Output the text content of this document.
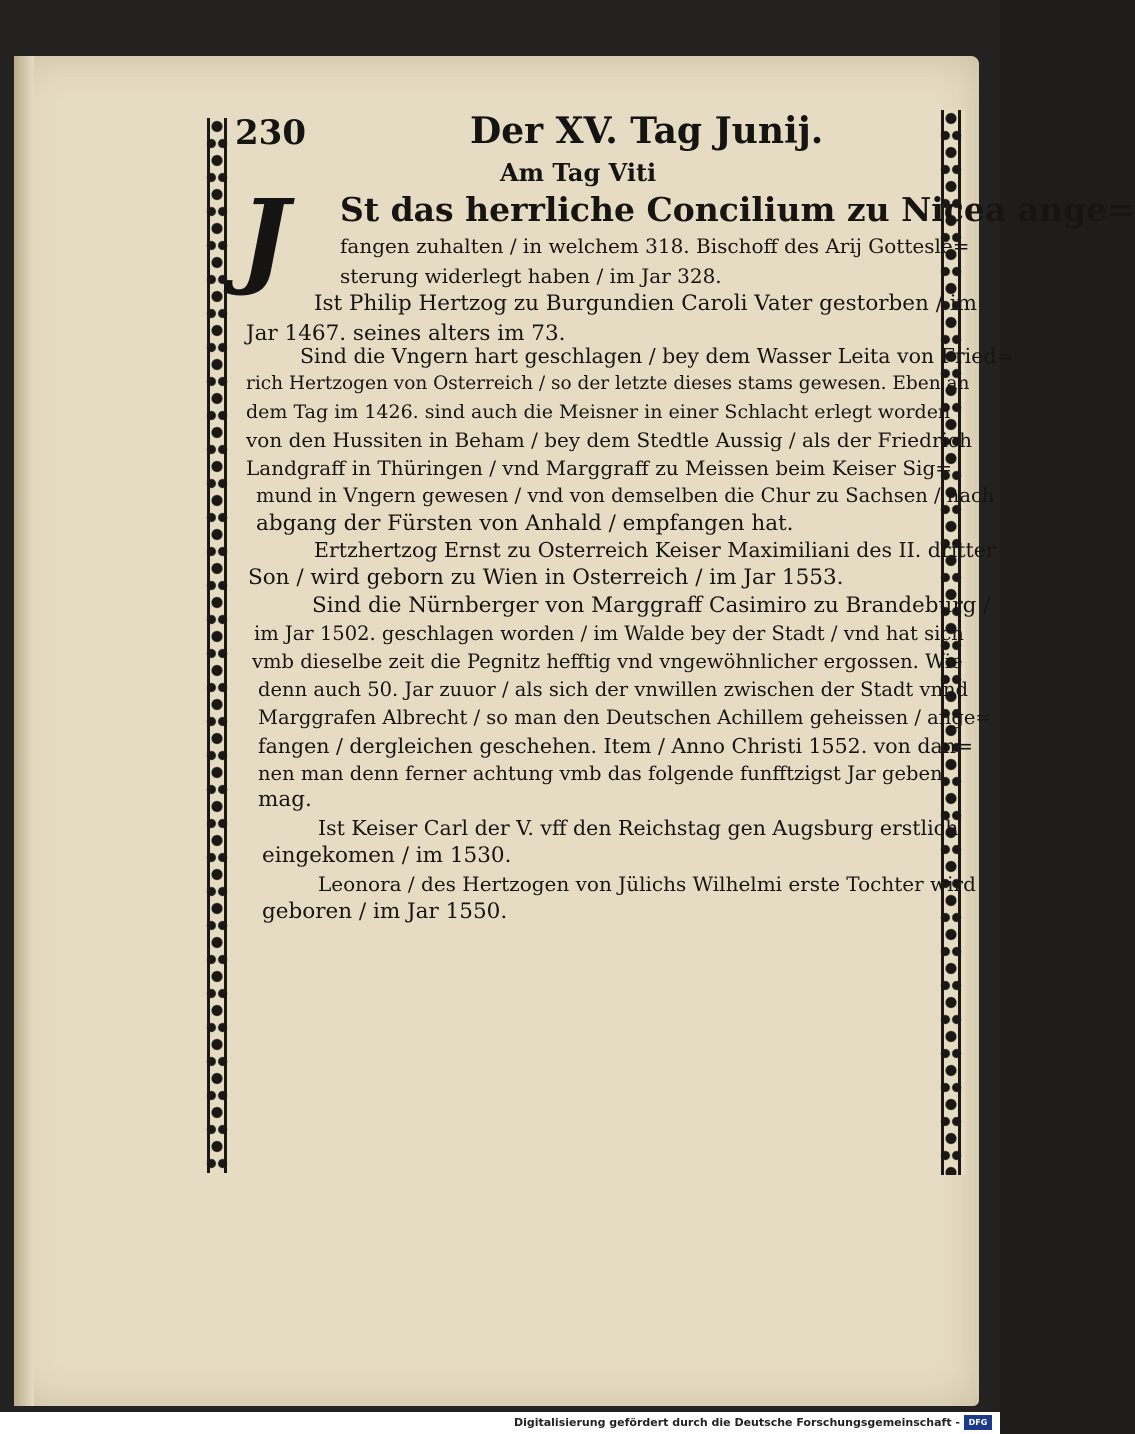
230	Der XV. Tag Junij.
Am Tag Viti
J	St das herrliche Concilium zu Nicea ange=
fangen zuhalten / in welchem 318. Bischoff des Arij Gottesle=
sterung widerlegt haben / im Jar 328.
Ist Philip Hertzog zu Burgundien Caroli Vater gestorben / im
Jar 1467. seines alters im 73.
Sind die Vngern hart geschlagen / bey dem Wasser Leita von Fried=
rich Hertzogen von Osterreich / so der letzte dieses stams gewesen. Eben an
dem Tag im 1426. sind auch die Meisner in einer Schlacht erlegt worden
von den Hussiten in Beham / bey dem Stedtle Aussig / als der Friedrich
Landgraff in Thüringen / vnd Marggraff zu Meissen beim Keiser Sig=
mund in Vngern gewesen / vnd von demselben die Chur zu Sachsen / nach
abgang der Fürsten von Anhald / empfangen hat.
Ertzhertzog Ernst zu Osterreich Keiser Maximiliani des II. dritter
Son / wird geborn zu Wien in Osterreich / im Jar 1553.
Sind die Nürnberger von Marggraff Casimiro zu Brandeburg /
im Jar 1502. geschlagen worden / im Walde bey der Stadt / vnd hat sich
vmb dieselbe zeit die Pegnitz hefftig vnd vngewöhnlicher ergossen. Wie
denn auch 50. Jar zuuor / als sich der vnwillen zwischen der Stadt vnnd
Marggrafen Albrecht / so man den Deutschen Achillem geheissen / ange=
fangen / dergleichen geschehen. Item / Anno Christi 1552. von dan=
nen man denn ferner achtung vmb das folgende funfftzigst Jar geben
mag.
Ist Keiser Carl der V. vff den Reichstag gen Augsburg erstlich
eingekomen / im 1530.
Leonora / des Hertzogen von Jülichs Wilhelmi erste Tochter wird
geboren / im Jar 1550.
Digitalisierung gefördert durch die Deutsche Forschungsgemeinschaft -	DFG
